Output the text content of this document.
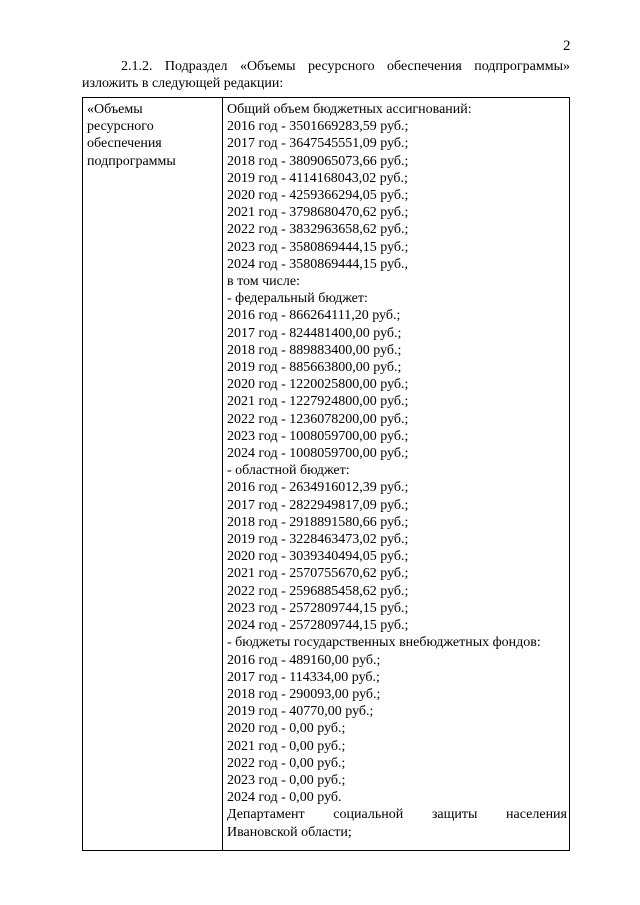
2
2.1.2. Подраздел «Объемы ресурсного обеспечения подпрограммы»
изложить в следующей редакции:
«Объемы
ресурсного
обеспечения
подпрограммы
Общий объем бюджетных ассигнований:
2016 год - 3501669283,59 руб.;
2017 год - 3647545551,09 руб.;
2018 год - 3809065073,66 руб.;
2019 год - 4114168043,02 руб.;
2020 год - 4259366294,05 руб.;
2021 год - 3798680470,62 руб.;
2022 год - 3832963658,62 руб.;
2023 год - 3580869444,15 руб.;
2024 год - 3580869444,15 руб.,
в том числе:
- федеральный бюджет:
2016 год - 866264111,20 руб.;
2017 год - 824481400,00 руб.;
2018 год - 889883400,00 руб.;
2019 год - 885663800,00 руб.;
2020 год - 1220025800,00 руб.;
2021 год - 1227924800,00 руб.;
2022 год - 1236078200,00 руб.;
2023 год - 1008059700,00 руб.;
2024 год - 1008059700,00 руб.;
- областной бюджет:
2016 год - 2634916012,39 руб.;
2017 год - 2822949817,09 руб.;
2018 год - 2918891580,66 руб.;
2019 год - 3228463473,02 руб.;
2020 год - 3039340494,05 руб.;
2021 год - 2570755670,62 руб.;
2022 год - 2596885458,62 руб.;
2023 год - 2572809744,15 руб.;
2024 год - 2572809744,15 руб.;
- бюджеты государственных внебюджетных фондов:
2016 год - 489160,00 руб.;
2017 год - 114334,00 руб.;
2018 год - 290093,00 руб.;
2019 год - 40770,00 руб.;
2020 год - 0,00 руб.;
2021 год - 0,00 руб.;
2022 год - 0,00 руб.;
2023 год - 0,00 руб.;
2024 год - 0,00 руб.
Департамент социальной защиты населения
Ивановской области;
